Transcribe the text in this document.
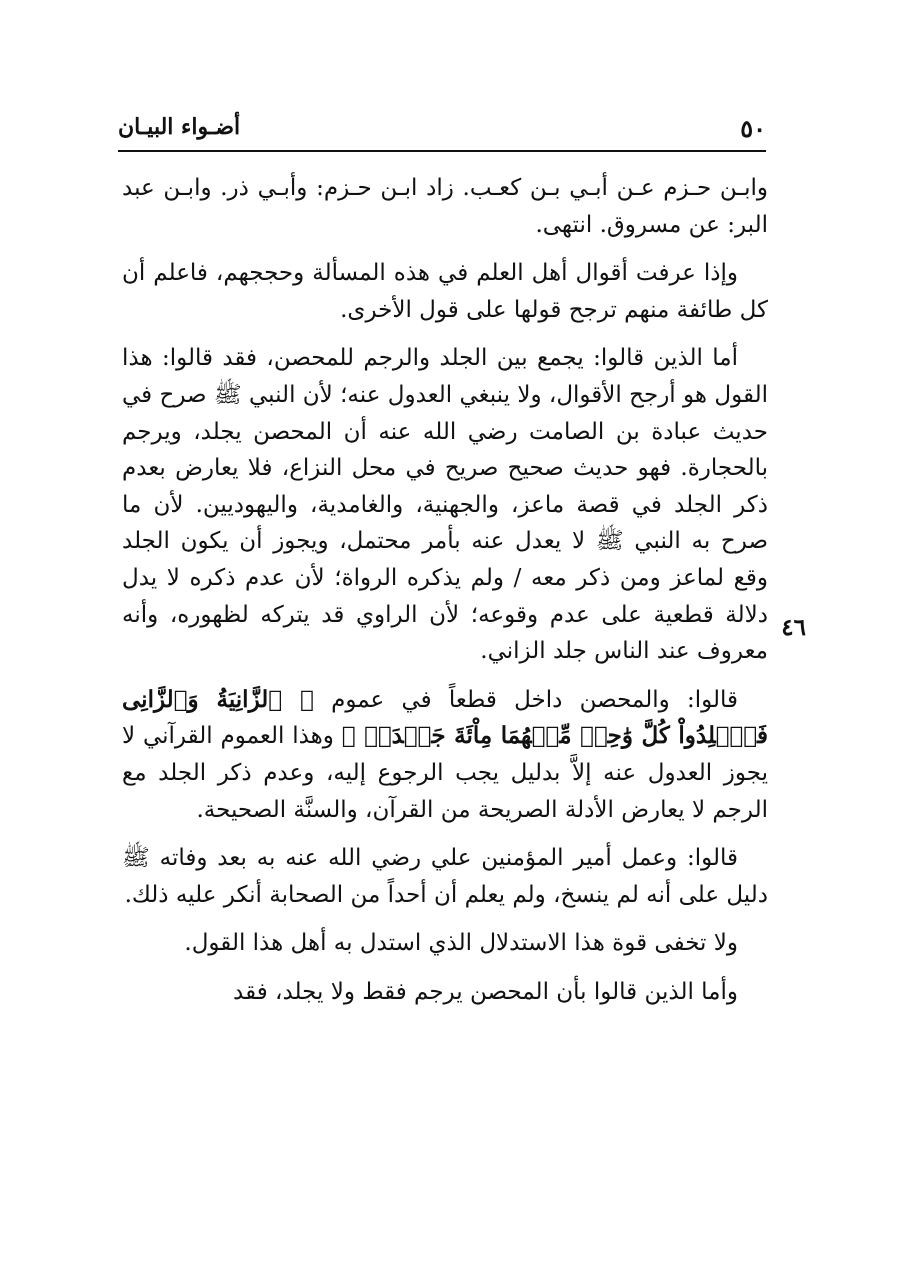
٥٠
أضـواء البيـان
٤٦

وابـن حـزم عـن أبـي بـن كعـب. زاد ابـن حـزم: وأبـي ذر. وابـن عبد البر: عن مسروق. انتهى.

وإذا عرفت أقوال أهل العلم في هذه المسألة وحججهم، فاعلم أن كل طائفة منهم ترجح قولها على قول الأخرى.

أما الذين قالوا: يجمع بين الجلد والرجم للمحصن، فقد قالوا: هذا القول هو أرجح الأقوال، ولا ينبغي العدول عنه؛ لأن النبي ﷺ صرح في حديث عبادة بن الصامت رضي الله عنه أن المحصن يجلد، ويرجم بالحجارة. فهو حديث صحيح صريح في محل النزاع، فلا يعارض بعدم ذكر الجلد في قصة ماعز، والجهنية، والغامدية، واليهوديين. لأن ما صرح به النبي ﷺ لا يعدل عنه بأمر محتمل، ويجوز أن يكون الجلد وقع لماعز ومن ذكر معه / ولم يذكره الرواة؛ لأن عدم ذكره لا يدل دلالة قطعية على عدم وقوعه؛ لأن الراوي قد يتركه لظهوره، وأنه معروف عند الناس جلد الزاني.

قالوا: والمحصن داخل قطعاً في عموم ﴿ ٱلزَّانِيَةُ وَٱلزَّانِى فَٱجۡلِدُواْ كُلَّ وَٰحِدٖ مِّنۡهُمَا مِاْئَةَ جَلۡدَةٖ ﴾ وهذا العموم القرآني لا يجوز العدول عنه إلاَّ بدليل يجب الرجوع إليه، وعدم ذكر الجلد مع الرجم لا يعارض الأدلة الصريحة من القرآن، والسنَّة الصحيحة.

قالوا: وعمل أمير المؤمنين علي رضي الله عنه به بعد وفاته ﷺ دليل على أنه لم ينسخ، ولم يعلم أن أحداً من الصحابة أنكر عليه ذلك.

ولا تخفى قوة هذا الاستدلال الذي استدل به أهل هذا القول.

وأما الذين قالوا بأن المحصن يرجم فقط ولا يجلد، فقد
